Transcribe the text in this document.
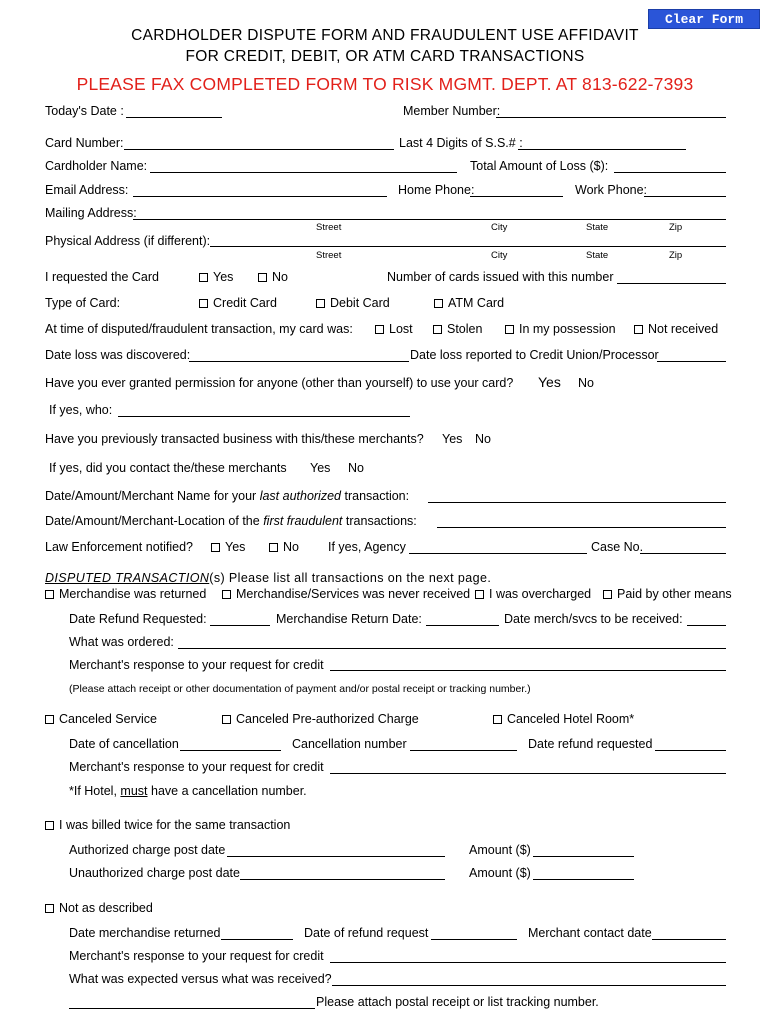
Clear Form
CARDHOLDER DISPUTE FORM AND FRAUDULENT USE AFFIDAVIT
FOR CREDIT, DEBIT, OR ATM CARD TRANSACTIONS
PLEASE FAX COMPLETED FORM TO RISK MGMT. DEPT. AT 813-622-7393
Today's Date :	Member Number:
Card Number:	Last 4 Digits of S.S.# :
Cardholder Name:	Total Amount of Loss ($):
Email Address:	Home Phone:	Work Phone:
Mailing Address:
Street	City	State	Zip
Physical Address (if different):
Street	City	State	Zip
I requested the Card	Yes	No	Number of cards issued with this number
Type of Card:	Credit Card	Debit Card	ATM Card
At time of disputed/fraudulent transaction, my card was:	Lost	Stolen	In my possession	Not received
Date loss was discovered:	Date loss reported to Credit Union/Processor
Have you ever granted permission for anyone (other than yourself) to use your card? Yes No
If yes, who:
Have you previously transacted business with this/these merchants? Yes No
If yes, did you contact the/these merchants Yes No
Date/Amount/Merchant Name for your last authorized transaction:
Date/Amount/Merchant-Location of the first fraudulent transactions:
Law Enforcement notified?	Yes	No If yes, Agency	Case No.
DISPUTED TRANSACTION(s) Please list all transactions on the next page.
Merchandise was returned	Merchandise/Services was never received	I was overcharged	Paid by other means
Date Refund Requested:	Merchandise Return Date:	Date merch/svcs to be received:
What was ordered:
Merchant's response to your request for credit
(Please attach receipt or other documentation of payment and/or postal receipt or tracking number.)
Canceled Service	Canceled Pre-authorized Charge	Canceled Hotel Room*
Date of cancellation	Cancellation number	Date refund requested
Merchant's response to your request for credit
*If Hotel, must have a cancellation number.
I was billed twice for the same transaction
Authorized charge post date	Amount ($)
Unauthorized charge post date	Amount ($)
Not as described
Date merchandise returned	Date of refund request	Merchant contact date
Merchant's response to your request for credit
What was expected versus what was received?
Please attach postal receipt or list tracking number.
